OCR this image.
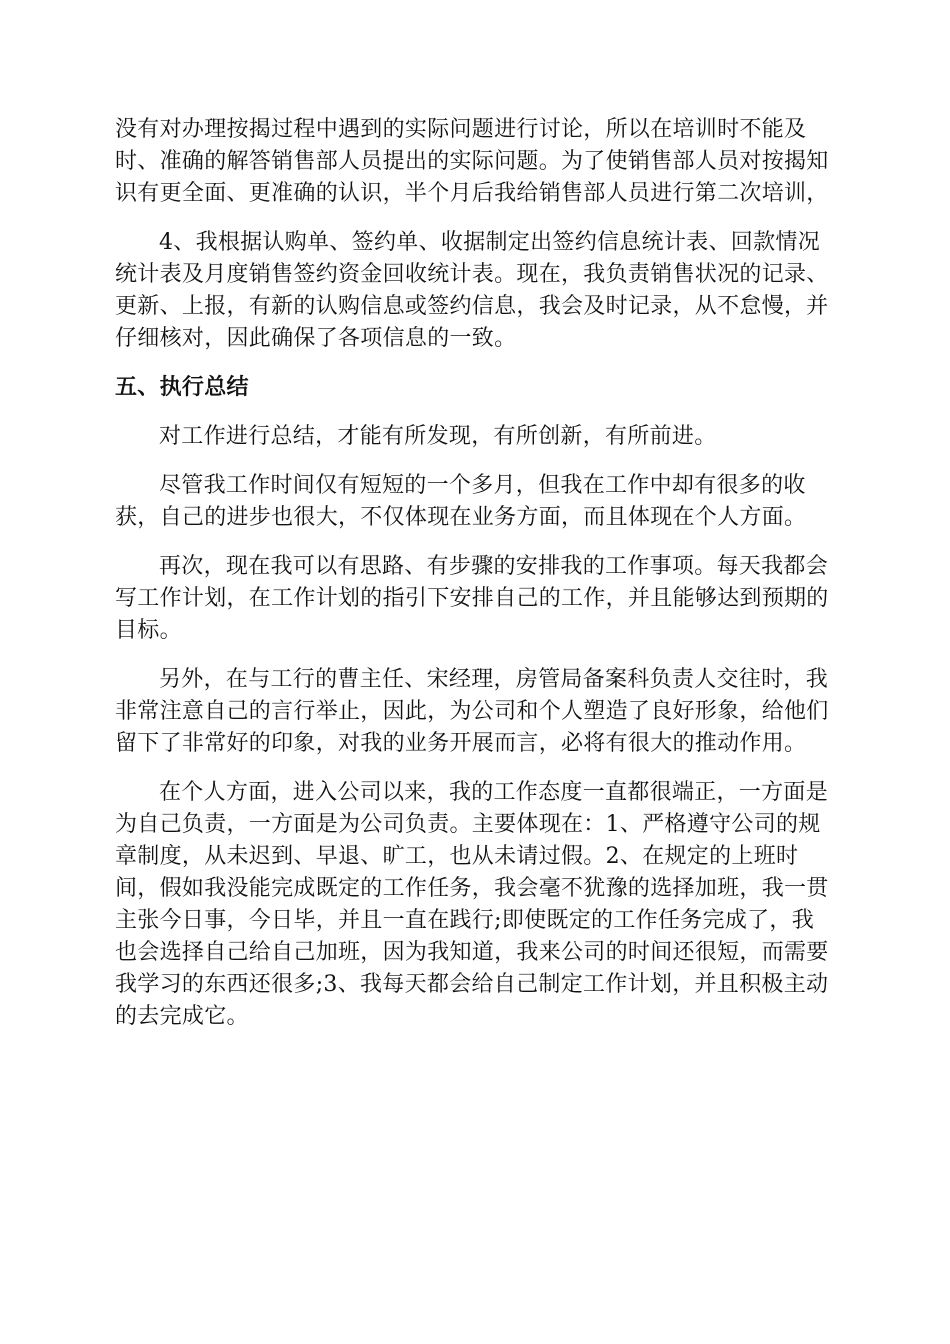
没有对办理按揭过程中遇到的实际问题进行讨论，所以在培训时不能及
时、准确的解答销售部人员提出的实际问题。为了使销售部人员对按揭知
识有更全面、更准确的认识，半个月后我给销售部人员进行第二次培训，
4、我根据认购单、签约单、收据制定出签约信息统计表、回款情况
统计表及月度销售签约资金回收统计表。现在，我负责销售状况的记录、
更新、上报，有新的认购信息或签约信息，我会及时记录，从不怠慢，并
仔细核对，因此确保了各项信息的一致。
五、执行总结
对工作进行总结，才能有所发现，有所创新，有所前进。
尽管我工作时间仅有短短的一个多月，但我在工作中却有很多的收
获，自己的进步也很大，不仅体现在业务方面，而且体现在个人方面。
再次，现在我可以有思路、有步骤的安排我的工作事项。每天我都会
写工作计划，在工作计划的指引下安排自己的工作，并且能够达到预期的
目标。
另外，在与工行的曹主任、宋经理，房管局备案科负责人交往时，我
非常注意自己的言行举止，因此，为公司和个人塑造了良好形象，给他们
留下了非常好的印象，对我的业务开展而言，必将有很大的推动作用。
在个人方面，进入公司以来，我的工作态度一直都很端正，一方面是
为自己负责，一方面是为公司负责。主要体现在：1、严格遵守公司的规
章制度，从未迟到、早退、旷工，也从未请过假。2、在规定的上班时
间，假如我没能完成既定的工作任务，我会毫不犹豫的选择加班，我一贯
主张今日事，今日毕，并且一直在践行;即使既定的工作任务完成了，我
也会选择自己给自己加班，因为我知道，我来公司的时间还很短，而需要
我学习的东西还很多;3、我每天都会给自己制定工作计划，并且积极主动
的去完成它。
